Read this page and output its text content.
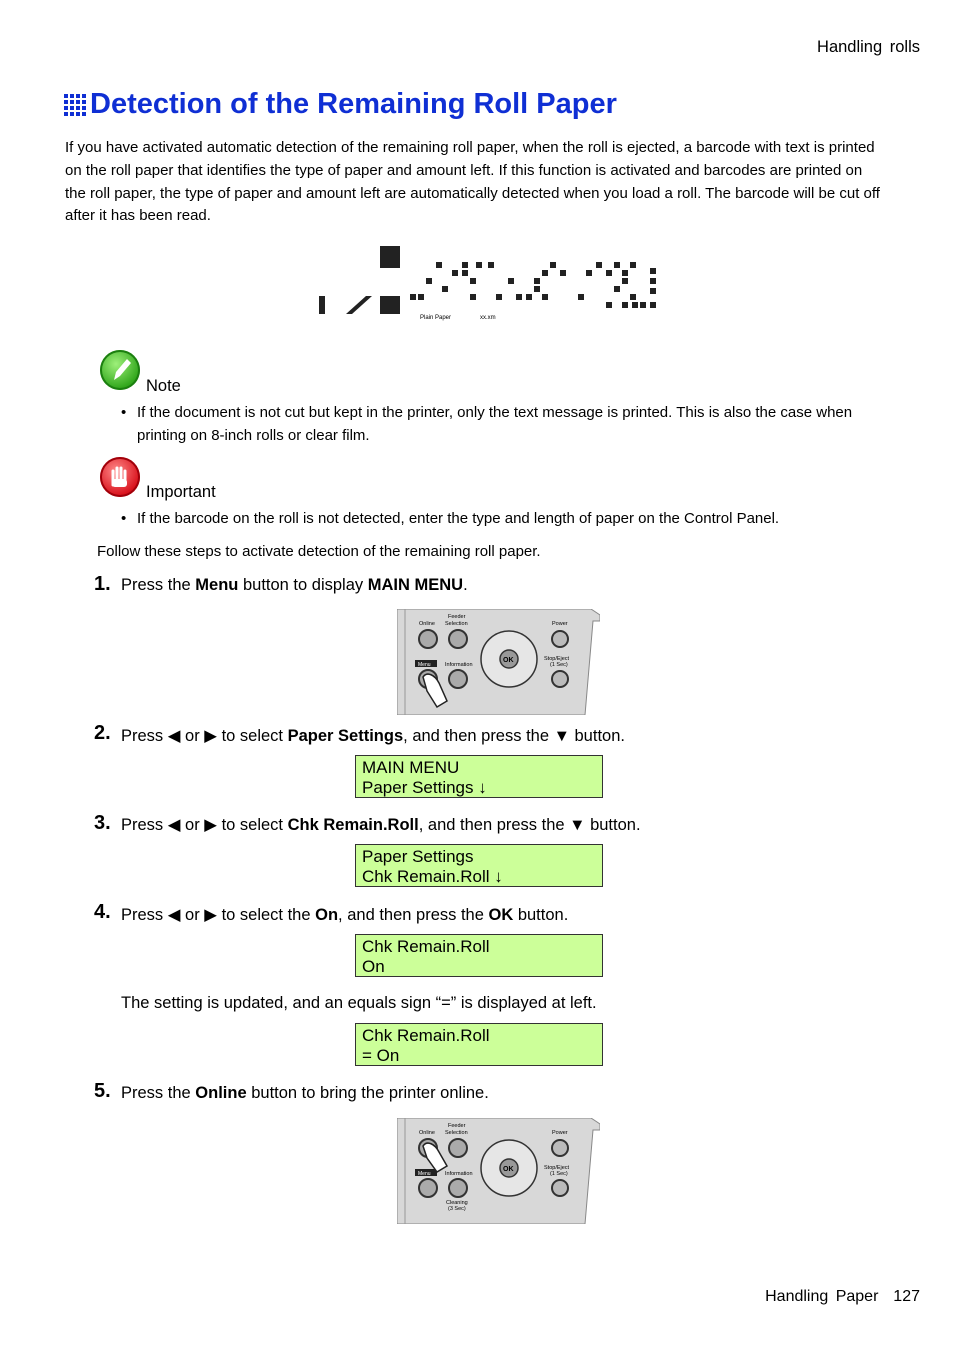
Handling rolls
Detection of the Remaining Roll Paper
If you have activated automatic detection of the remaining roll paper, when the roll is ejected, a barcode with text is printed on the roll paper that identifies the type of paper and amount left. If this function is activated and barcodes are printed on the roll paper, the type of paper and amount left are automatically detected when you load a roll. The barcode will be cut off after it has been read.
Plain Paper	xx.xm
Note
• If the document is not cut but kept in the printer, only the text message is printed. This is also the case when printing on 8-inch rolls or clear film.
Important
• If the barcode on the roll is not detected, enter the type and length of paper on the Control Panel.
Follow these steps to activate detection of the remaining roll paper.
1. Press the Menu button to display MAIN MENU.
Online
Feeder
Selection	Power
Menu	Information
OK	Stop/Eject
(1 Sec)
2. Press ◀ or ▶ to select Paper Settings, and then press the ▼ button.
MAIN MENU
Paper Settings ↓
3. Press ◀ or ▶ to select Chk Remain.Roll, and then press the ▼ button.
Paper Settings
Chk Remain.Roll ↓
4. Press ◀ or ▶ to select the On, and then press the OK button.
Chk Remain.Roll
On
The setting is updated, and an equals sign “=” is displayed at left.
Chk Remain.Roll
= On
5. Press the Online button to bring the printer online.
Online
Feeder
Selection	Power
Menu	Information
Cleaning
(3 Sec)
OK	Stop/Eject
(1 Sec)
Handling Paper 127
